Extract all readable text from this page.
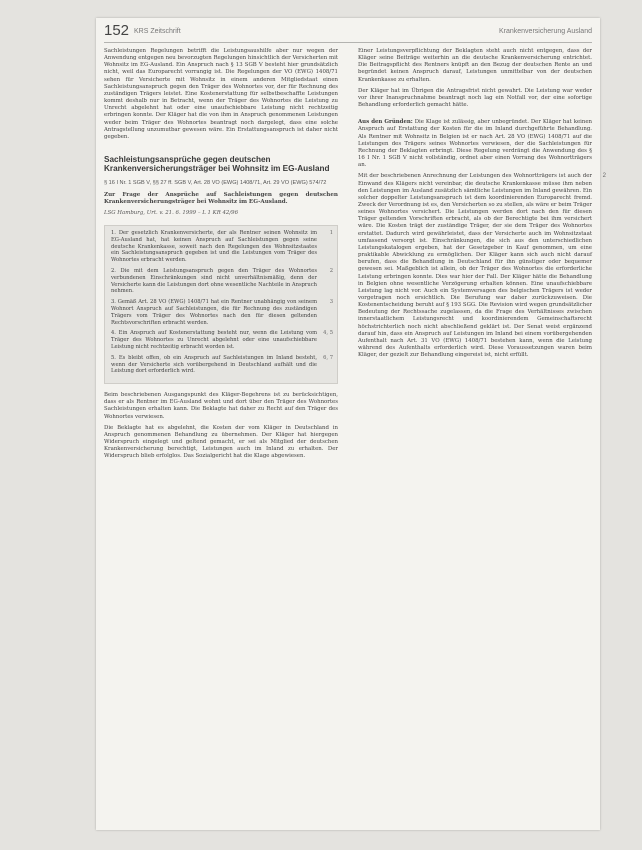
152 KRS Zeitschrift	Krankenversicherung Ausland

Sachleistungen Regelungen betrifft die Leistungsaushilfe aber nur wegen der Anwendung entgegen neu bevorzugten Regelungen hinsichtlich der Versicherten mit Wohnsitz im EG-Ausland. Ein Anspruch nach § 13 SGB V besteht hier grundsätzlich nicht, weil das Europarecht vorrangig ist. Die Regelungen der VO (EWG) 1408/71 sehen für Versicherte mit Wohnsitz in einem anderen Mitgliedstaat einen Sachleistungsanspruch gegen den Träger des Wohnortes vor, der für Rechnung des zuständigen Trägers leistet. Eine Kostenerstattung für selbstbeschaffte Leistungen kommt deshalb nur in Betracht, wenn der Träger des Wohnortes die Leistung zu Unrecht abgelehnt hat oder eine unaufschiebbare Leistung nicht rechtzeitig erbringen konnte. Der Kläger hat die von ihm in Anspruch genommenen Leistungen weder beim Träger des Wohnortes beantragt noch dargelegt, dass eine solche Antragstellung unzumutbar gewesen wäre. Ein Erstattungsanspruch ist daher nicht gegeben.

Sachleistungsansprüche gegen deutschen Krankenversicherungsträger bei Wohnsitz im EG-Ausland

§ 16 I Nr. 1 SGB V, §§ 27 ff. SGB V, Art. 28 VO (EWG) 1408/71, Art. 29 VO (EWG) 574/72

Zur Frage der Ansprüche auf Sachleistungen gegen deutschen Krankenversicherungsträger bei Wohnsitz im EG-Ausland.

LSG Hamburg, Urt. v. 21. 6. 1999 – L 1 KR 42/96

1. Der gesetzlich Krankenversicherte, der als Rentner seinen Wohnsitz im EG-Ausland hat, hat keinen Anspruch auf Sachleistungen gegen seine deutsche Krankenkasse, soweit nach den Regelungen des Wohnsitzstaates ein Sachleistungsanspruch gegeben ist und die Leistungen vom Träger des Wohnortes erbracht werden.
1

2. Die mit dem Leistungsanspruch gegen den Träger des Wohnortes verbundenen Einschränkungen sind nicht unverhältnismäßig, denn der Versicherte kann die Leistungen dort ohne wesentliche Nachteile in Anspruch nehmen.
2

3. Gemäß Art. 28 VO (EWG) 1408/71 hat ein Rentner unabhängig von seinem Wohnort Anspruch auf Sachleistungen, die für Rechnung des zuständigen Trägers vom Träger des Wohnortes nach den für diesen geltenden Rechtsvorschriften erbracht werden.
3

4. Ein Anspruch auf Kostenerstattung besteht nur, wenn die Leistung vom Träger des Wohnortes zu Unrecht abgelehnt oder eine unaufschiebbare Leistung nicht rechtzeitig erbracht worden ist.
4, 5

5. Es bleibt offen, ob ein Anspruch auf Sachleistungen im Inland besteht, wenn der Versicherte sich vorübergehend in Deutschland aufhält und die Leistung dort erforderlich wird.
6, 7

Beim beschriebenen Ausgangspunkt des Kläger-Begehrens ist zu berücksichtigen, dass er als Rentner im EG-Ausland wohnt und dort über den Träger des Wohnortes Sachleistungen erhalten kann. Die Beklagte hat daher zu Recht auf den Träger des Wohnortes verwiesen.

Die Beklagte hat es abgelehnt, die Kosten der vom Kläger in Deutschland in Anspruch genommenen Behandlung zu übernehmen. Der Kläger hat hiergegen Widerspruch eingelegt und geltend gemacht, er sei als Mitglied der deutschen Krankenversicherung berechtigt, Leistungen auch im Inland zu erhalten. Der Widerspruch blieb erfolglos. Das Sozialgericht hat die Klage abgewiesen.

Einer Leistungsverpflichtung der Beklagten steht auch nicht entgegen, dass der Kläger seine Beiträge weiterhin an die deutsche Krankenversicherung entrichtet. Die Beitragspflicht des Rentners knüpft an den Bezug der deutschen Rente an und begründet keinen Anspruch darauf, Leistungen unmittelbar von der deutschen Krankenkasse zu erhalten.

Der Kläger hat im Übrigen die Antragsfrist nicht gewahrt. Die Leistung war weder vor ihrer Inanspruchnahme beantragt noch lag ein Notfall vor, der eine sofortige Behandlung erforderlich gemacht hätte.

Aus den Gründen: Die Klage ist zulässig, aber unbegründet. Der Kläger hat keinen Anspruch auf Erstattung der Kosten für die im Inland durchgeführte Behandlung. Als Rentner mit Wohnsitz in Belgien ist er nach Art. 28 VO (EWG) 1408/71 auf die Leistungen des Trägers seines Wohnortes verwiesen, der die Sachleistungen für Rechnung der Beklagten erbringt. Diese Regelung verdrängt die Anwendung des § 16 I Nr. 1 SGB V nicht vollständig, ordnet aber einen Vorrang des Wohnortträgers an.

2
Mit der beschriebenen Anrechnung der Leistungen des Wohnortträgers ist auch der Einwand des Klägers nicht vereinbar, die deutsche Krankenkasse müsse ihm neben den Leistungen im Ausland zusätzlich sämtliche Leistungen im Inland gewähren. Ein solcher doppelter Leistungsanspruch ist dem koordinierenden Europarecht fremd. Zweck der Verordnung ist es, den Versicherten so zu stellen, als wäre er beim Träger seines Wohnortes versichert. Die Leistungen werden dort nach den für diesen Träger geltenden Vorschriften erbracht, als ob der Berechtigte bei ihm versichert wäre. Die Kosten trägt der zuständige Träger, der sie dem Träger des Wohnortes erstattet. Dadurch wird gewährleistet, dass der Versicherte auch im Wohnsitzstaat umfassend versorgt ist. Einschränkungen, die sich aus den unterschiedlichen Leistungskatalogen ergeben, hat der Gesetzgeber in Kauf genommen, um eine praktikable Abwicklung zu ermöglichen. Der Kläger kann sich auch nicht darauf berufen, dass die Behandlung in Deutschland für ihn günstiger oder bequemer gewesen sei. Maßgeblich ist allein, ob der Träger des Wohnortes die erforderliche Leistung erbringen konnte. Dies war hier der Fall. Der Kläger hätte die Behandlung in Belgien ohne wesentliche Verzögerung erhalten können. Eine unaufschiebbare Leistung lag nicht vor. Auch ein Systemversagen des belgischen Trägers ist weder vorgetragen noch ersichtlich. Die Berufung war daher zurückzuweisen. Die Kostenentscheidung beruht auf § 193 SGG. Die Revision wird wegen grundsätzlicher Bedeutung der Rechtssache zugelassen, da die Frage des Verhältnisses zwischen innerstaatlichem Leistungsrecht und koordinierendem Gemeinschaftsrecht höchstrichterlich noch nicht abschließend geklärt ist. Der Senat weist ergänzend darauf hin, dass ein Anspruch auf Leistungen im Inland bei einem vorübergehenden Aufenthalt nach Art. 31 VO (EWG) 1408/71 bestehen kann, wenn die Leistung während des Aufenthalts erforderlich wird. Diese Voraussetzungen waren beim Kläger, der gezielt zur Behandlung eingereist ist, nicht erfüllt.
